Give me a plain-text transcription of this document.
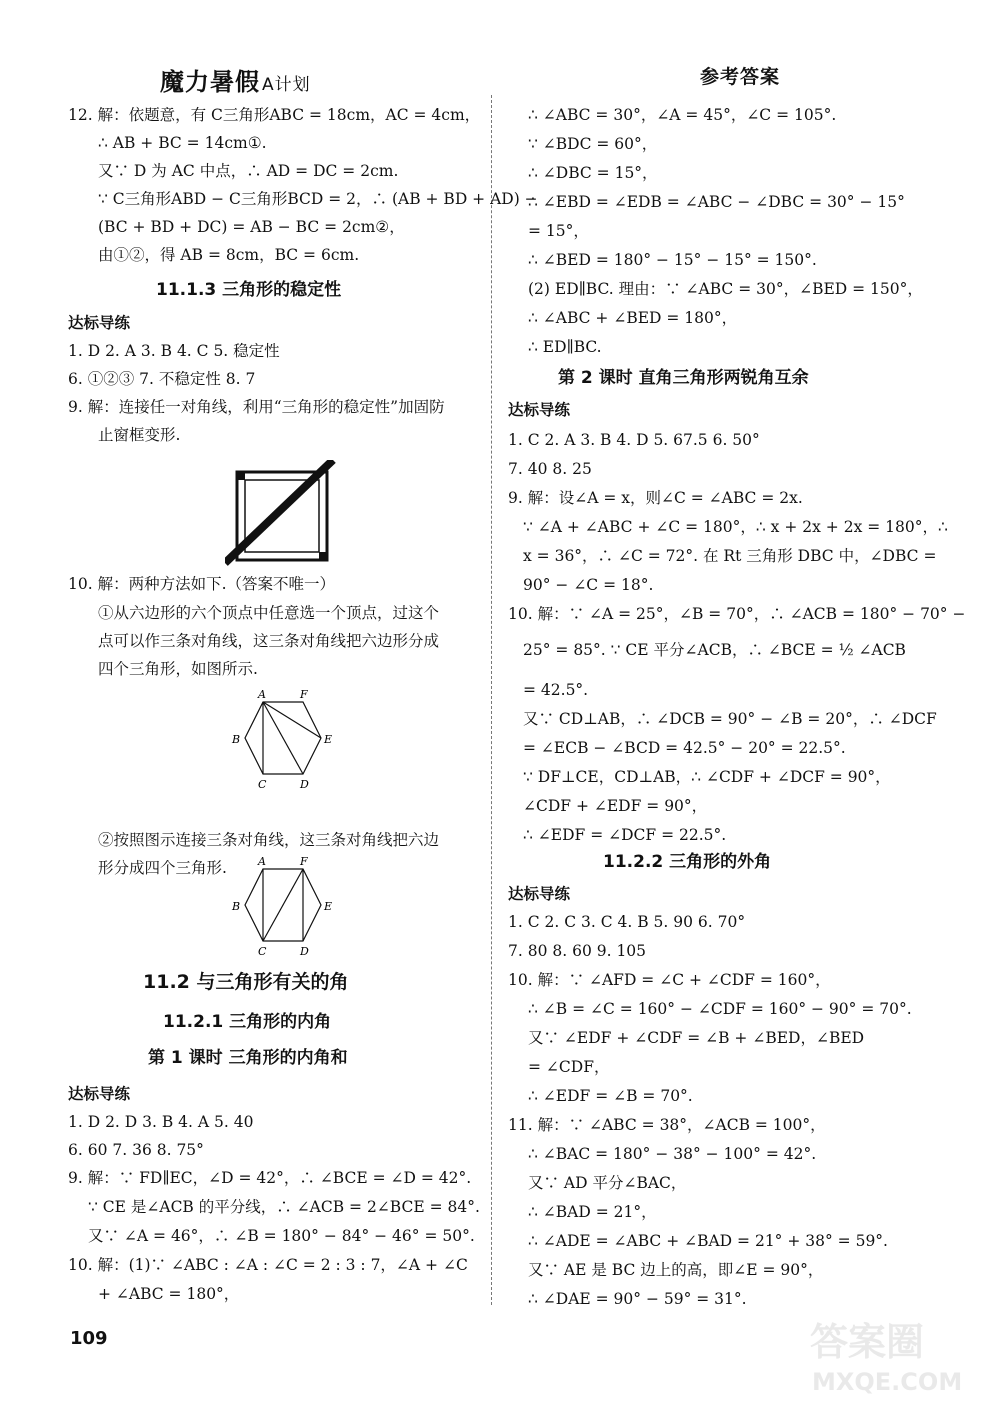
魔力暑假 A计划	参考答案
12. 解：依题意，有 C三角形ABC = 18cm，AC = 4cm，
∴ AB + BC = 14cm①.
又∵ D 为 AC 中点，∴ AD = DC = 2cm.
∵ C三角形ABD − C三角形BCD = 2，∴ (AB + BD + AD) −
(BC + BD + DC) = AB − BC = 2cm②，
由①②，得 AB = 8cm，BC = 6cm.
1. D 2. A 3. B 4. C 5. 稳定性
6. ①②③ 7. 不稳定性 8. 7
9. 解：连接任一对角线，利用“三角形的稳定性”加固防
止窗框变形.
10. 解：两种方法如下.（答案不唯一）
①从六边形的六个顶点中任意选一个顶点，过这个
点可以作三条对角线，这三条对角线把六边形分成
四个三角形，如图所示.
②按照图示连接三条对角线，这三条对角线把六边
形分成四个三角形.
1. D 2. D 3. B 4. A 5. 40
6. 60 7. 36 8. 75°
9. 解：∵ FD∥EC，∠D = 42°，∴ ∠BCE = ∠D = 42°.
∵ CE 是∠ACB 的平分线，∴ ∠ACB = 2∠BCE = 84°.
又∵ ∠A = 46°，∴ ∠B = 180° − 84° − 46° = 50°.
10. 解：(1)∵ ∠ABC : ∠A : ∠C = 2 : 3 : 7，∠A + ∠C
+ ∠ABC = 180°，
11.1.3 三角形的稳定性
达标导练
11.2 与三角形有关的角
11.2.1 三角形的内角
第 1 课时 三角形的内角和
达标导练
∴ ∠ABC = 30°，∠A = 45°，∠C = 105°.
∵ ∠BDC = 60°，
∴ ∠DBC = 15°，
∴ ∠EBD = ∠EDB = ∠ABC − ∠DBC = 30° − 15°
= 15°，
∴ ∠BED = 180° − 15° − 15° = 150°.
(2) ED∥BC. 理由：∵ ∠ABC = 30°，∠BED = 150°，
∴ ∠ABC + ∠BED = 180°，
∴ ED∥BC.
1. C 2. A 3. B 4. D 5. 67.5 6. 50°
7. 40 8. 25
9. 解：设∠A = x，则∠C = ∠ABC = 2x.
∵ ∠A + ∠ABC + ∠C = 180°，∴ x + 2x + 2x = 180°，∴
x = 36°，∴ ∠C = 72°. 在 Rt 三角形 DBC 中，∠DBC =
90° − ∠C = 18°.
10. 解：∵ ∠A = 25°，∠B = 70°，∴ ∠ACB = 180° − 70° −
25° = 85°. ∵ CE 平分∠ACB，∴ ∠BCE = ½ ∠ACB
= 42.5°.
又∵ CD⊥AB，∴ ∠DCB = 90° − ∠B = 20°，∴ ∠DCF
= ∠ECB − ∠BCD = 42.5° − 20° = 22.5°.
∵ DF⊥CE，CD⊥AB，∴ ∠CDF + ∠DCF = 90°，
∠CDF + ∠EDF = 90°，
∴ ∠EDF = ∠DCF = 22.5°.
1. C 2. C 3. C 4. B 5. 90 6. 70°
7. 80 8. 60 9. 105
10. 解：∵ ∠AFD = ∠C + ∠CDF = 160°，
∴ ∠B = ∠C = 160° − ∠CDF = 160° − 90° = 70°.
又∵ ∠EDF + ∠CDF = ∠B + ∠BED，∠BED
= ∠CDF，
∴ ∠EDF = ∠B = 70°.
11. 解：∵ ∠ABC = 38°，∠ACB = 100°，
∴ ∠BAC = 180° − 38° − 100° = 42°.
又∵ AD 平分∠BAC，
∴ ∠BAD = 21°，
∴ ∠ADE = ∠ABC + ∠BAD = 21° + 38° = 59°.
又∵ AE 是 BC 边上的高，即∠E = 90°，
∴ ∠DAE = 90° − 59° = 31°.
第 2 课时 直角三角形两锐角互余
达标导练
11.2.2 三角形的外角
达标导练
A	F
B	E
C	D
A	F
B	E
C	D
109	答案圈
MXQE.COM
